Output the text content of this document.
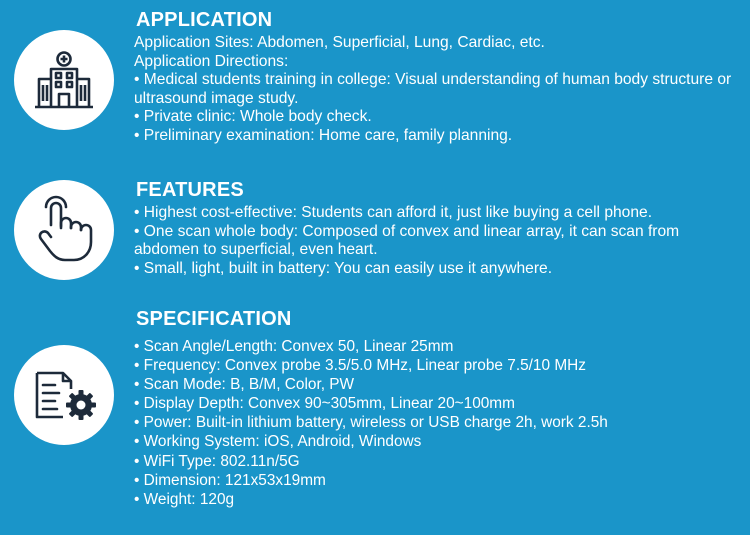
APPLICATION
Application Sites: Abdomen, Superficial, Lung, Cardiac, etc.
Application Directions:
• Medical students training in college: Visual understanding of human body structure or ultrasound image study.
• Private clinic: Whole body check.
• Preliminary examination: Home care, family planning.
FEATURES
• Highest cost-effective: Students can afford it, just like buying a cell phone.
• One scan whole body: Composed of convex and linear array, it can scan from abdomen to superficial, even heart.
• Small, light, built in battery: You can easily use it anywhere.
SPECIFICATION
• Scan Angle/Length: Convex 50, Linear 25mm
• Frequency: Convex probe 3.5/5.0 MHz, Linear probe 7.5/10 MHz
• Scan Mode: B, B/M, Color, PW
• Display Depth: Convex 90~305mm, Linear 20~100mm
• Power: Built-in lithium battery, wireless or USB charge 2h, work 2.5h
• Working System: iOS, Android, Windows
• WiFi Type: 802.11n/5G
• Dimension: 121x53x19mm
• Weight: 120g
